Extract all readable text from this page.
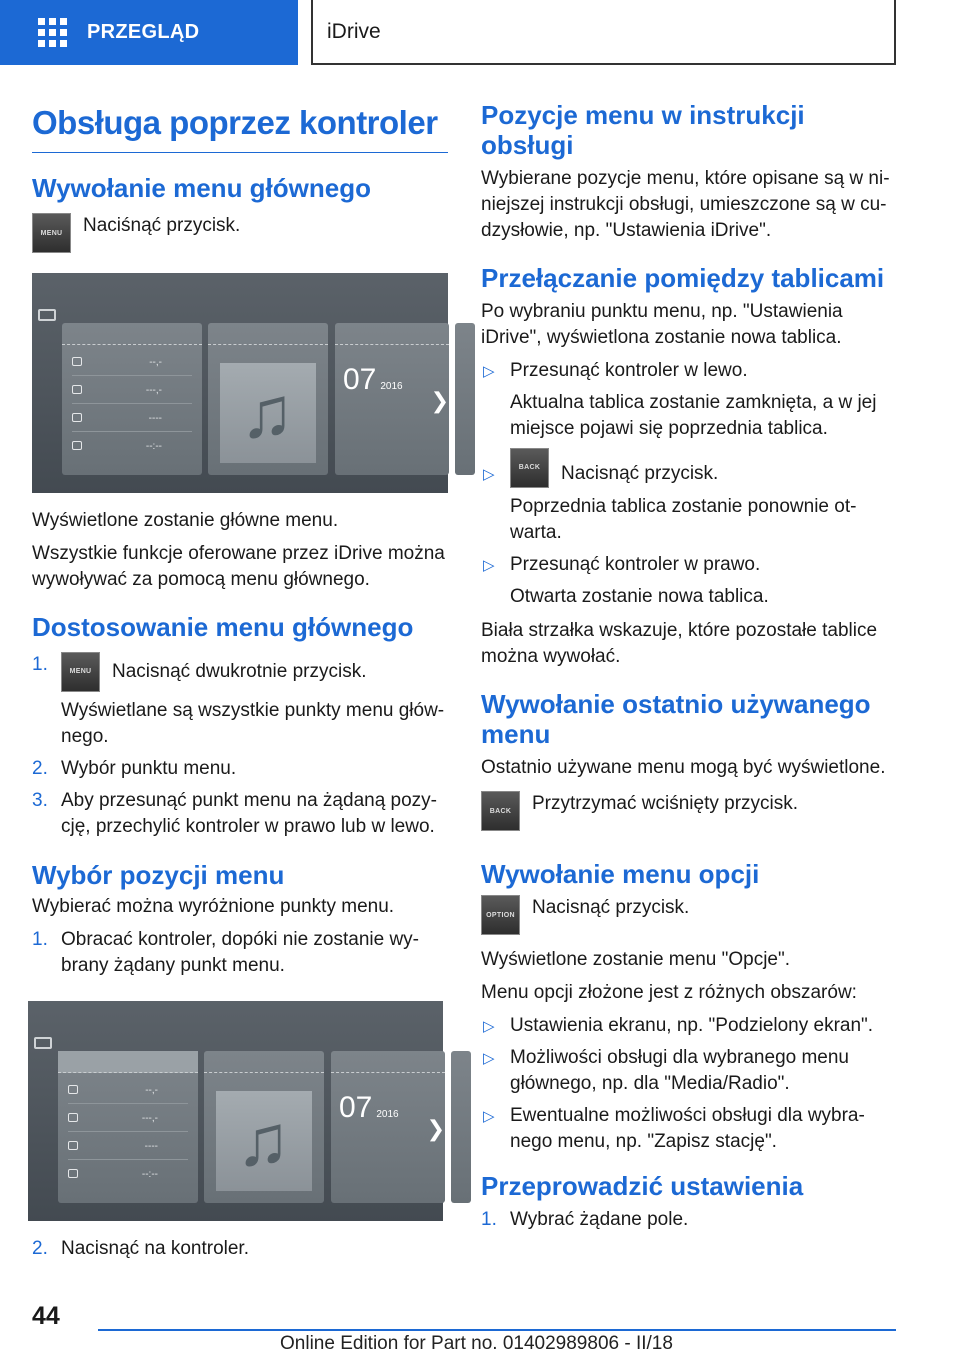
PRZEGLĄD	iDrive
Obsługa poprzez kontroler
Wywołanie menu głównego
MENU	Naciśnąć przycisk.
--,-
---,-
----
--:-- ♫ 07 2016
❯

Wyświetlone zostanie główne menu.

Wszystkie funkcje oferowane przez iDrive można wywoływać za pomocą menu głównego.

Dostosowanie menu głównego
1.	MENU	Nacisnąć dwukrotnie przycisk.
Wyświetlane są wszystkie punkty menu głów-nego.
2. Wybór punktu menu.
3. Aby przesunąć punkt menu na żądaną pozy-cję, przechylić kontroler w prawo lub w lewo.
Wybór pozycji menu

Wybierać można wyróżnione punkty menu.

1. Obracać kontroler, dopóki nie zostanie wy-brany żądany punkt menu.
--,-
---,-
----
--:-- ♫ 07 2016
❯
2. Nacisnąć na kontroler.
Pozycje menu w instrukcji obsługi

Wybierane pozycje menu, które opisane są w ni-niejszej instrukcji obsługi, umieszczone są w cu-dzysłowie, np. "Ustawienia iDrive".

Przełączanie pomiędzy tablicami

Po wybraniu punktu menu, np. "Ustawienia iDrive", wyświetlona zostanie nowa tablica.

▷ Przesunąć kontroler w lewo.
Aktualna tablica zostanie zamknięta, a w jej miejsce pojawi się poprzednia tablica.
▷	BACK	Nacisnąć przycisk.
Poprzednia tablica zostanie ponownie ot-warta.
▷ Przesunąć kontroler w prawo.
Otwarta zostanie nowa tablica.

Biała strzałka wskazuje, które pozostałe tablice można wywołać.

Wywołanie ostatnio używanego menu

Ostatnio używane menu mogą być wyświetlone.

BACK	Przytrzymać wciśnięty przycisk.
Wywołanie menu opcji
OPTION Nacisnąć przycisk.

Wyświetlone zostanie menu "Opcje".

Menu opcji złożone jest z różnych obszarów:

▷ Ustawienia ekranu, np. "Podzielony ekran".
▷ Możliwości obsługi dla wybranego menu głównego, np. dla "Media/Radio".
▷ Ewentualne możliwości obsługi dla wybra-nego menu, np. "Zapisz stację".
Przeprowadzić ustawienia
1. Wybrać żądane pole.
44
Online Edition for Part no. 01402989806 - II/18
